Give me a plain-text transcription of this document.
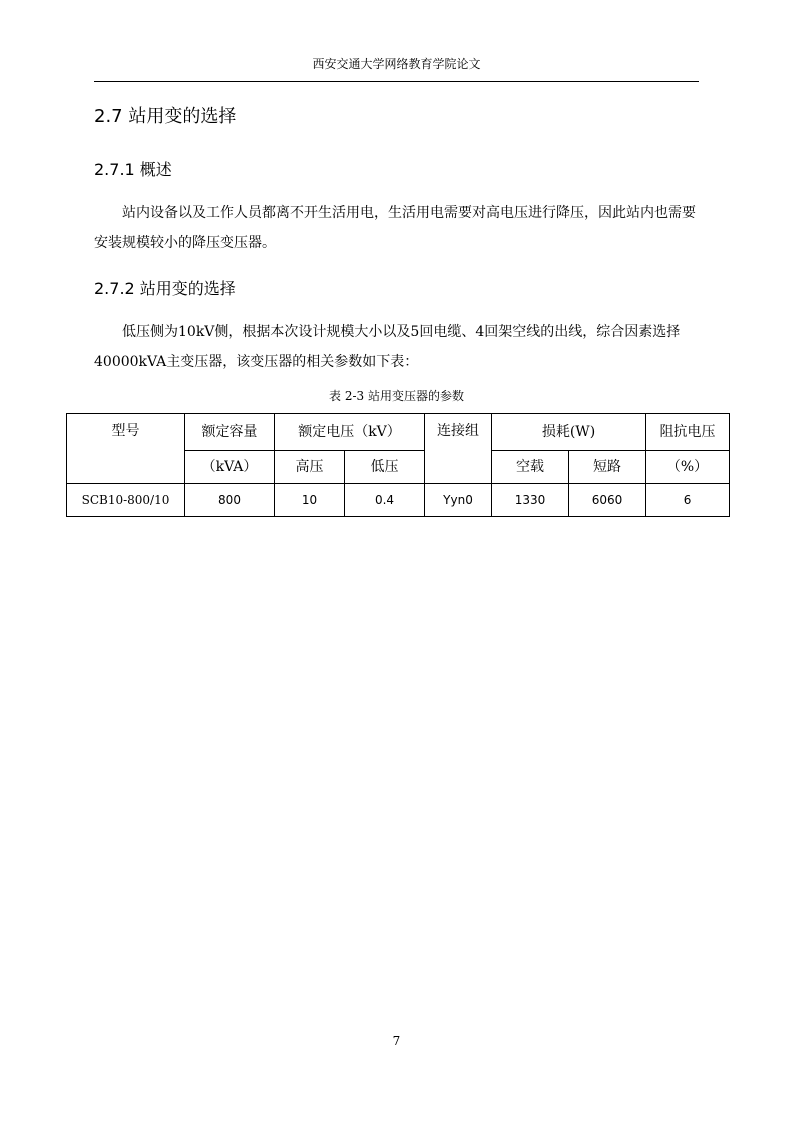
西安交通大学网络教育学院论文
2.7 站用变的选择
2.7.1 概述
站内设备以及工作人员都离不开生活用电，生活用电需要对高电压进行降压，因此站内也需要安装规模较小的降压变压器。
2.7.2 站用变的选择
低压侧为10kV侧，根据本次设计规模大小以及5回电缆、4回架空线的出线，综合因素选择40000kVA主变压器，该变压器的相关参数如下表：
表 2-3 站用变压器的参数
型号	额定容量	额定电压（kV）		连接组	损耗(W)		阻抗电压
	（kVA）	高压	低压		空载	短路	（%）
SCB10-800/10	800	10	0.4	Yyn0	1330	6060	6
7
